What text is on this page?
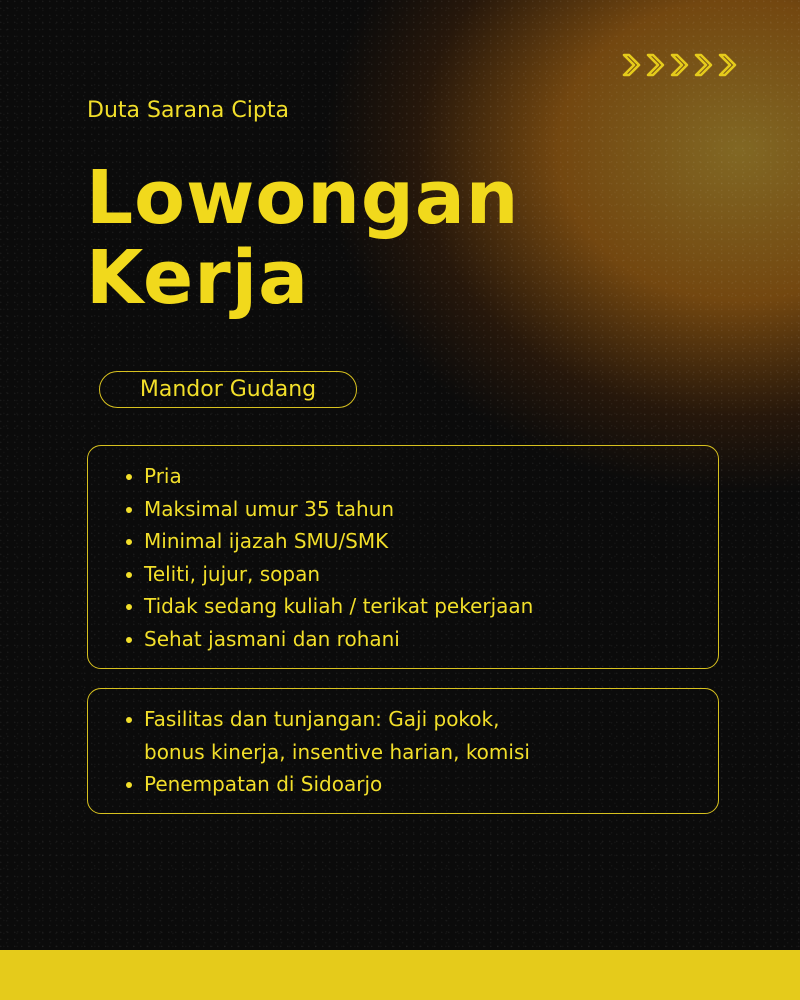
Duta Sarana Cipta
Lowongan
Kerja
Mandor Gudang
Pria
Maksimal umur 35 tahun
Minimal ijazah SMU/SMK
Teliti, jujur, sopan
Tidak sedang kuliah / terikat pekerjaan
Sehat jasmani dan rohani
Fasilitas dan tunjangan: Gaji pokok,
bonus kinerja, insentive harian, komisi
Penempatan di Sidoarjo
